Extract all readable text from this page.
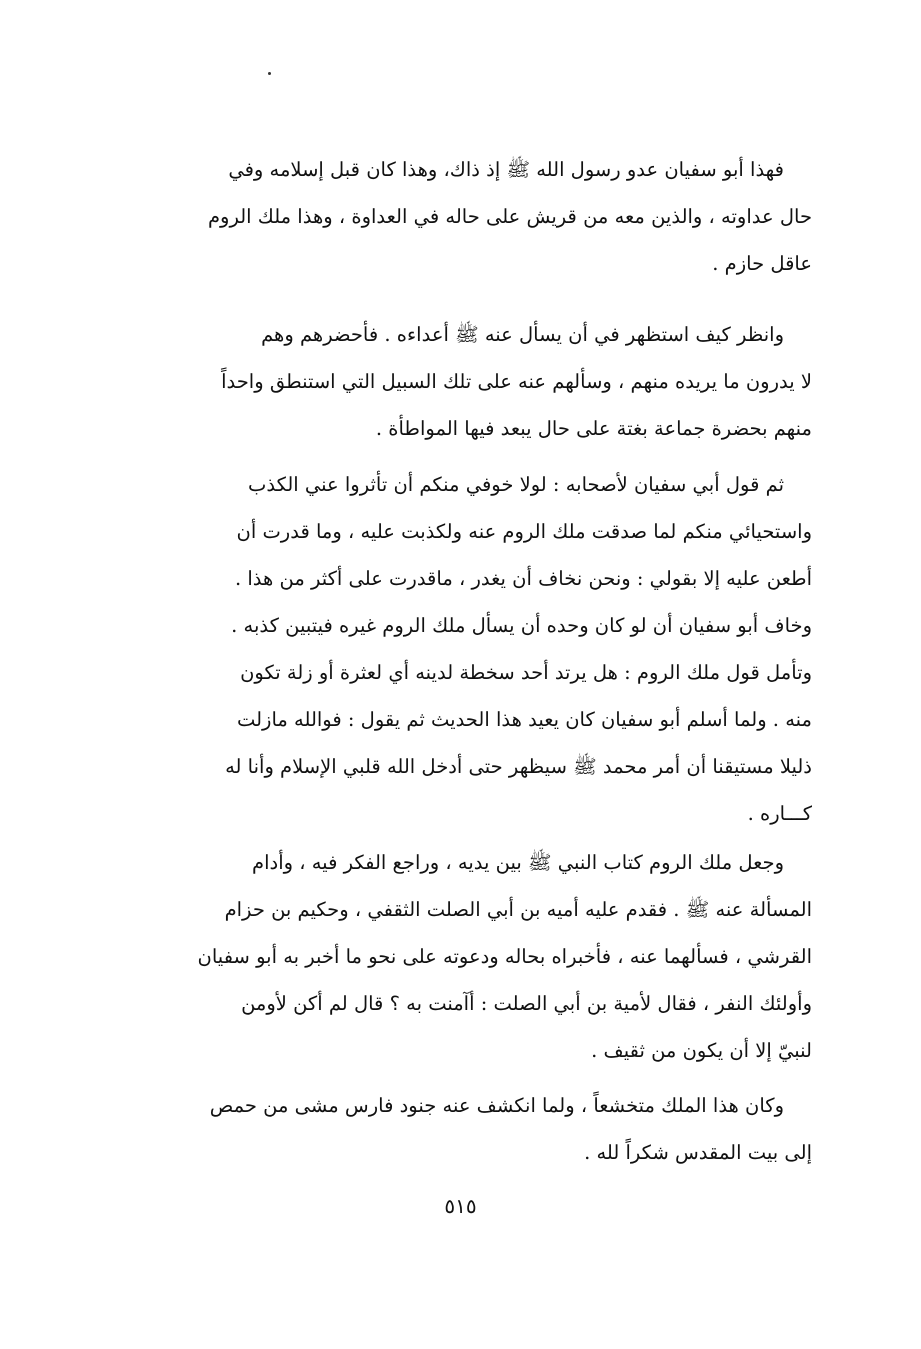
فهذا أبو سفيان عدو رسول الله ﷺ إذ ذاك، وهذا كان قبل إسلامه وفي
حال عداوته ، والذين معه من قريش على حاله في العداوة ، وهذا ملك الروم
عاقل حازم .
وانظر كيف استظهر في أن يسأل عنه ﷺ أعداءه . فأحضرهم وهم
لا يدرون ما يريده منهم ، وسألهم عنه على تلك السبيل التي استنطق واحداً
منهم بحضرة جماعة بغتة على حال يبعد فيها المواطأة .
ثم قول أبي سفيان لأصحابه : لولا خوفي منكم أن تأثروا عني الكذب
واستحيائي منكم لما صدقت ملك الروم عنه ولكذبت عليه ، وما قدرت أن
أطعن عليه إلا بقولي : ونحن نخاف أن يغدر ، ماقدرت على أكثر من هذا .
وخاف أبو سفيان أن لو كان وحده أن يسأل ملك الروم غيره فيتبين كذبه .
وتأمل قول ملك الروم : هل يرتد أحد سخطة لدينه أي لعثرة أو زلة تكون
منه . ولما أسلم أبو سفيان كان يعيد هذا الحديث ثم يقول : فوالله مازلت
ذليلا مستيقنا أن أمر محمد ﷺ سيظهر حتى أدخل الله قلبي الإسلام وأنا له
كـــاره .
وجعل ملك الروم كتاب النبي ﷺ بين يديه ، وراجع الفكر فيه ، وأدام
المسألة عنه ﷺ . فقدم عليه أميه بن أبي الصلت الثقفي ، وحكيم بن حزام
القرشي ، فسألهما عنه ، فأخبراه بحاله ودعوته على نحو ما أخبر به أبو سفيان
وأولئك النفر ، فقال لأمية بن أبي الصلت : أآمنت به ؟ قال لم أكن لأومن
لنبيّ إلا أن يكون من ثقيف .
وكان هذا الملك متخشعاً ، ولما انكشف عنه جنود فارس مشى من حمص
إلى بيت المقدس شكراً لله .
٥١٥
